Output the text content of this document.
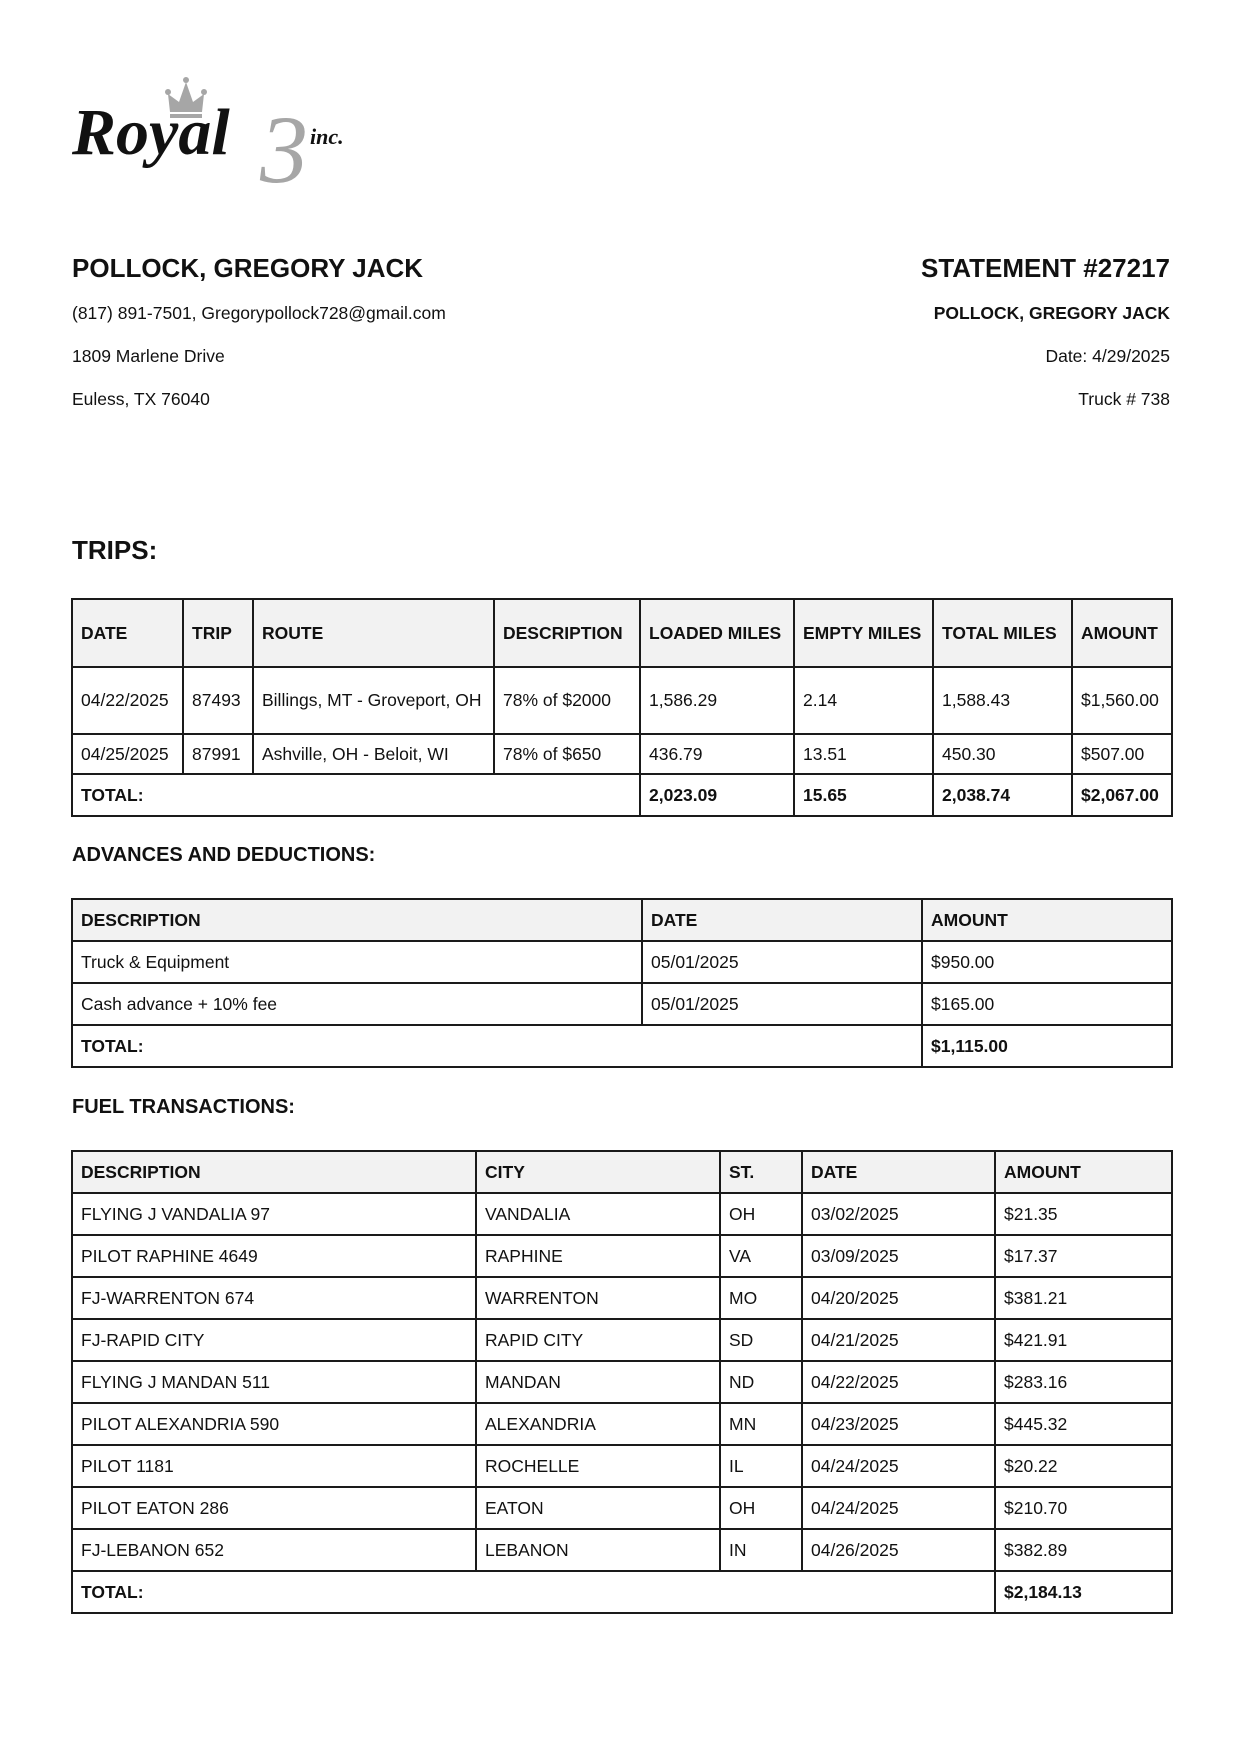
3
Royal	inc.
POLLOCK, GREGORY JACK
(817) 891-7501, Gregorypollock728@gmail.com
1809 Marlene Drive
Euless, TX 76040
STATEMENT #27217
POLLOCK, GREGORY JACK
Date: 4/29/2025
Truck # 738
TRIPS:
DATE	TRIP	ROUTE	DESCRIPTION	LOADED MILES	EMPTY MILES	TOTAL MILES	AMOUNT
04/22/2025	87493	Billings, MT - Groveport, OH	78% of $2000	1,586.29	2.14	1,588.43	$1,560.00
04/25/2025	87991	Ashville, OH - Beloit, WI	78% of $650	436.79	13.51	450.30	$507.00
TOTAL:				2,023.09	15.65	2,038.74	$2,067.00
ADVANCES AND DEDUCTIONS:
DESCRIPTION	DATE	AMOUNT
Truck & Equipment	05/01/2025	$950.00
Cash advance + 10% fee	05/01/2025	$165.00
TOTAL:		$1,115.00
FUEL TRANSACTIONS:
DESCRIPTION	CITY	ST.	DATE	AMOUNT
FLYING J VANDALIA 97	VANDALIA	OH	03/02/2025	$21.35
PILOT RAPHINE 4649	RAPHINE	VA	03/09/2025	$17.37
FJ-WARRENTON 674	WARRENTON	MO	04/20/2025	$381.21
FJ-RAPID CITY	RAPID CITY	SD	04/21/2025	$421.91
FLYING J MANDAN 511	MANDAN	ND	04/22/2025	$283.16
PILOT ALEXANDRIA 590	ALEXANDRIA	MN	04/23/2025	$445.32
PILOT 1181	ROCHELLE	IL	04/24/2025	$20.22
PILOT EATON 286	EATON	OH	04/24/2025	$210.70
FJ-LEBANON 652	LEBANON	IN	04/26/2025	$382.89
TOTAL:				$2,184.13
